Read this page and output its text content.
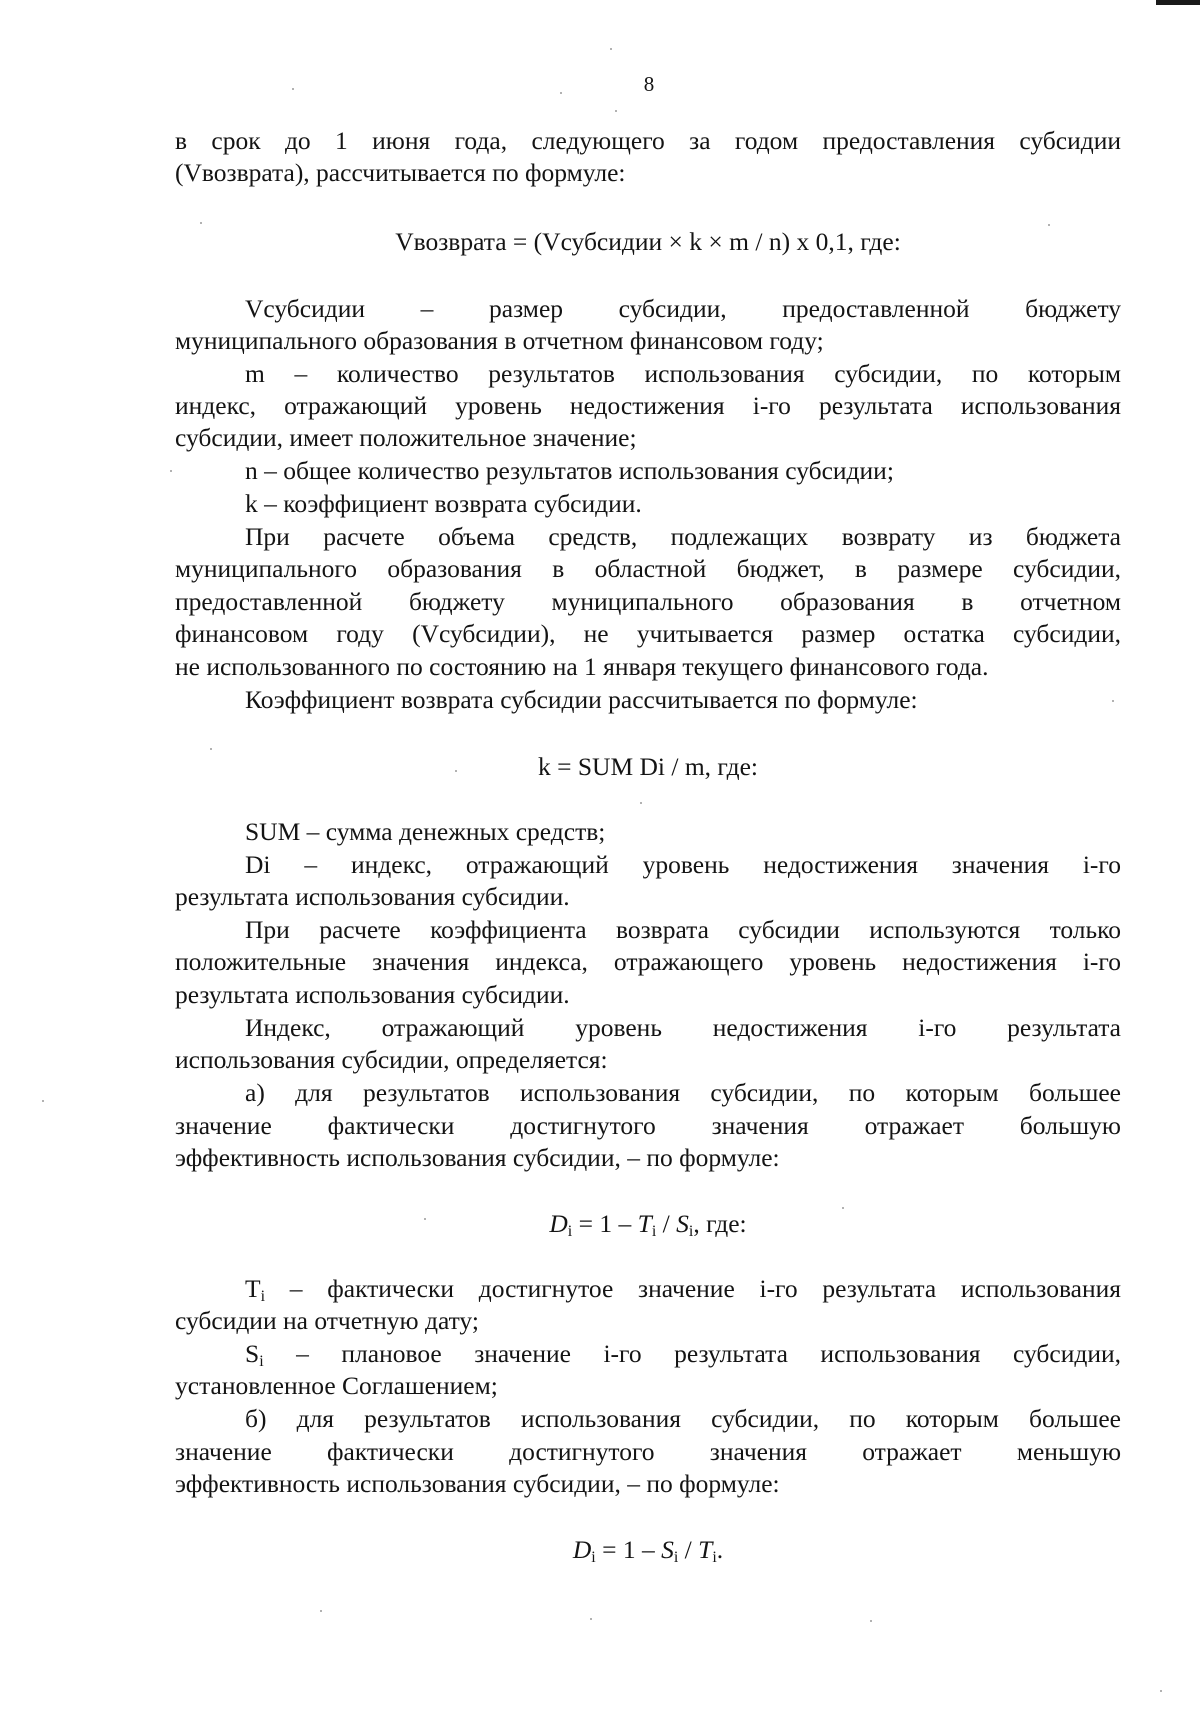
8
в срок до 1 июня года, следующего за годом предоставления субсидии
(Vвозврата), рассчитывается по формуле:
Vвозврата = (Vсубсидии × k × m / n) x 0,1, где:
Vсубсидии – размер субсидии, предоставленной бюджету
муниципального образования в отчетном финансовом году;
m – количество результатов использования субсидии, по которым
индекс, отражающий уровень недостижения i-го результата использования
субсидии, имеет положительное значение;
n – общее количество результатов использования субсидии;
k – коэффициент возврата субсидии.
При расчете объема средств, подлежащих возврату из бюджета
муниципального образования в областной бюджет, в размере субсидии,
предоставленной бюджету муниципального образования в отчетном
финансовом году (Vсубсидии), не учитывается размер остатка субсидии,
не использованного по состоянию на 1 января текущего финансового года.
Коэффициент возврата субсидии рассчитывается по формуле:
k = SUM Di / m, где:
SUM – сумма денежных средств;
Di – индекс, отражающий уровень недостижения значения i-го
результата использования субсидии.
При расчете коэффициента возврата субсидии используются только
положительные значения индекса, отражающего уровень недостижения i-го
результата использования субсидии.
Индекс, отражающий уровень недостижения i-го результата
использования субсидии, определяется:
а) для результатов использования субсидии, по которым большее
значение фактически достигнутого значения отражает большую
эффективность использования субсидии, – по формуле:
$D_i = 1 - T_i / S_i$, где:
$T_i$ – фактически достигнутое значение i-го результата использования
субсидии на отчетную дату;
$S_i$ – плановое значение i-го результата использования субсидии,
установленное Соглашением;
б) для результатов использования субсидии, по которым большее
значение фактически достигнутого значения отражает меньшую
эффективность использования субсидии, – по формуле:
$D_i = 1 - S_i / T_i$.
